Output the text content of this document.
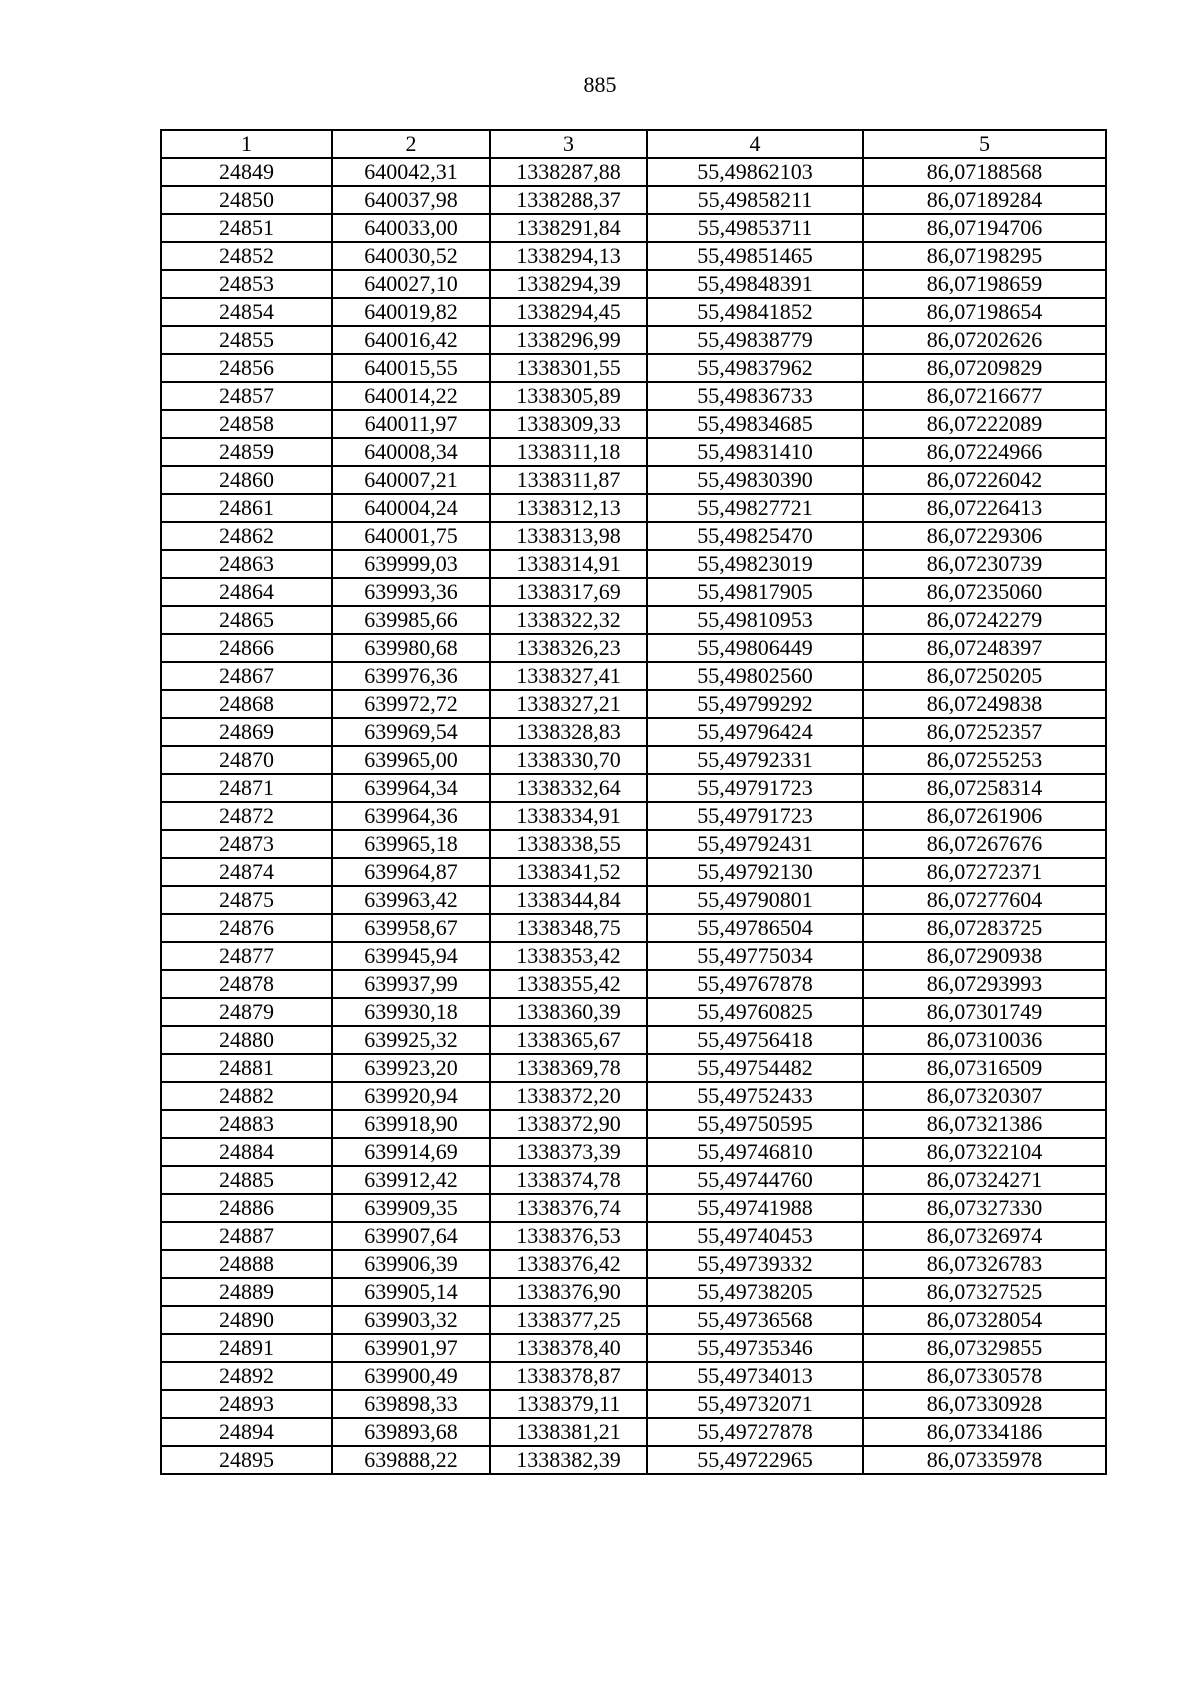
885
1	2	3	4	5
24849	640042,31	1338287,88	55,49862103	86,07188568
24850	640037,98	1338288,37	55,49858211	86,07189284
24851	640033,00	1338291,84	55,49853711	86,07194706
24852	640030,52	1338294,13	55,49851465	86,07198295
24853	640027,10	1338294,39	55,49848391	86,07198659
24854	640019,82	1338294,45	55,49841852	86,07198654
24855	640016,42	1338296,99	55,49838779	86,07202626
24856	640015,55	1338301,55	55,49837962	86,07209829
24857	640014,22	1338305,89	55,49836733	86,07216677
24858	640011,97	1338309,33	55,49834685	86,07222089
24859	640008,34	1338311,18	55,49831410	86,07224966
24860	640007,21	1338311,87	55,49830390	86,07226042
24861	640004,24	1338312,13	55,49827721	86,07226413
24862	640001,75	1338313,98	55,49825470	86,07229306
24863	639999,03	1338314,91	55,49823019	86,07230739
24864	639993,36	1338317,69	55,49817905	86,07235060
24865	639985,66	1338322,32	55,49810953	86,07242279
24866	639980,68	1338326,23	55,49806449	86,07248397
24867	639976,36	1338327,41	55,49802560	86,07250205
24868	639972,72	1338327,21	55,49799292	86,07249838
24869	639969,54	1338328,83	55,49796424	86,07252357
24870	639965,00	1338330,70	55,49792331	86,07255253
24871	639964,34	1338332,64	55,49791723	86,07258314
24872	639964,36	1338334,91	55,49791723	86,07261906
24873	639965,18	1338338,55	55,49792431	86,07267676
24874	639964,87	1338341,52	55,49792130	86,07272371
24875	639963,42	1338344,84	55,49790801	86,07277604
24876	639958,67	1338348,75	55,49786504	86,07283725
24877	639945,94	1338353,42	55,49775034	86,07290938
24878	639937,99	1338355,42	55,49767878	86,07293993
24879	639930,18	1338360,39	55,49760825	86,07301749
24880	639925,32	1338365,67	55,49756418	86,07310036
24881	639923,20	1338369,78	55,49754482	86,07316509
24882	639920,94	1338372,20	55,49752433	86,07320307
24883	639918,90	1338372,90	55,49750595	86,07321386
24884	639914,69	1338373,39	55,49746810	86,07322104
24885	639912,42	1338374,78	55,49744760	86,07324271
24886	639909,35	1338376,74	55,49741988	86,07327330
24887	639907,64	1338376,53	55,49740453	86,07326974
24888	639906,39	1338376,42	55,49739332	86,07326783
24889	639905,14	1338376,90	55,49738205	86,07327525
24890	639903,32	1338377,25	55,49736568	86,07328054
24891	639901,97	1338378,40	55,49735346	86,07329855
24892	639900,49	1338378,87	55,49734013	86,07330578
24893	639898,33	1338379,11	55,49732071	86,07330928
24894	639893,68	1338381,21	55,49727878	86,07334186
24895	639888,22	1338382,39	55,49722965	86,07335978
